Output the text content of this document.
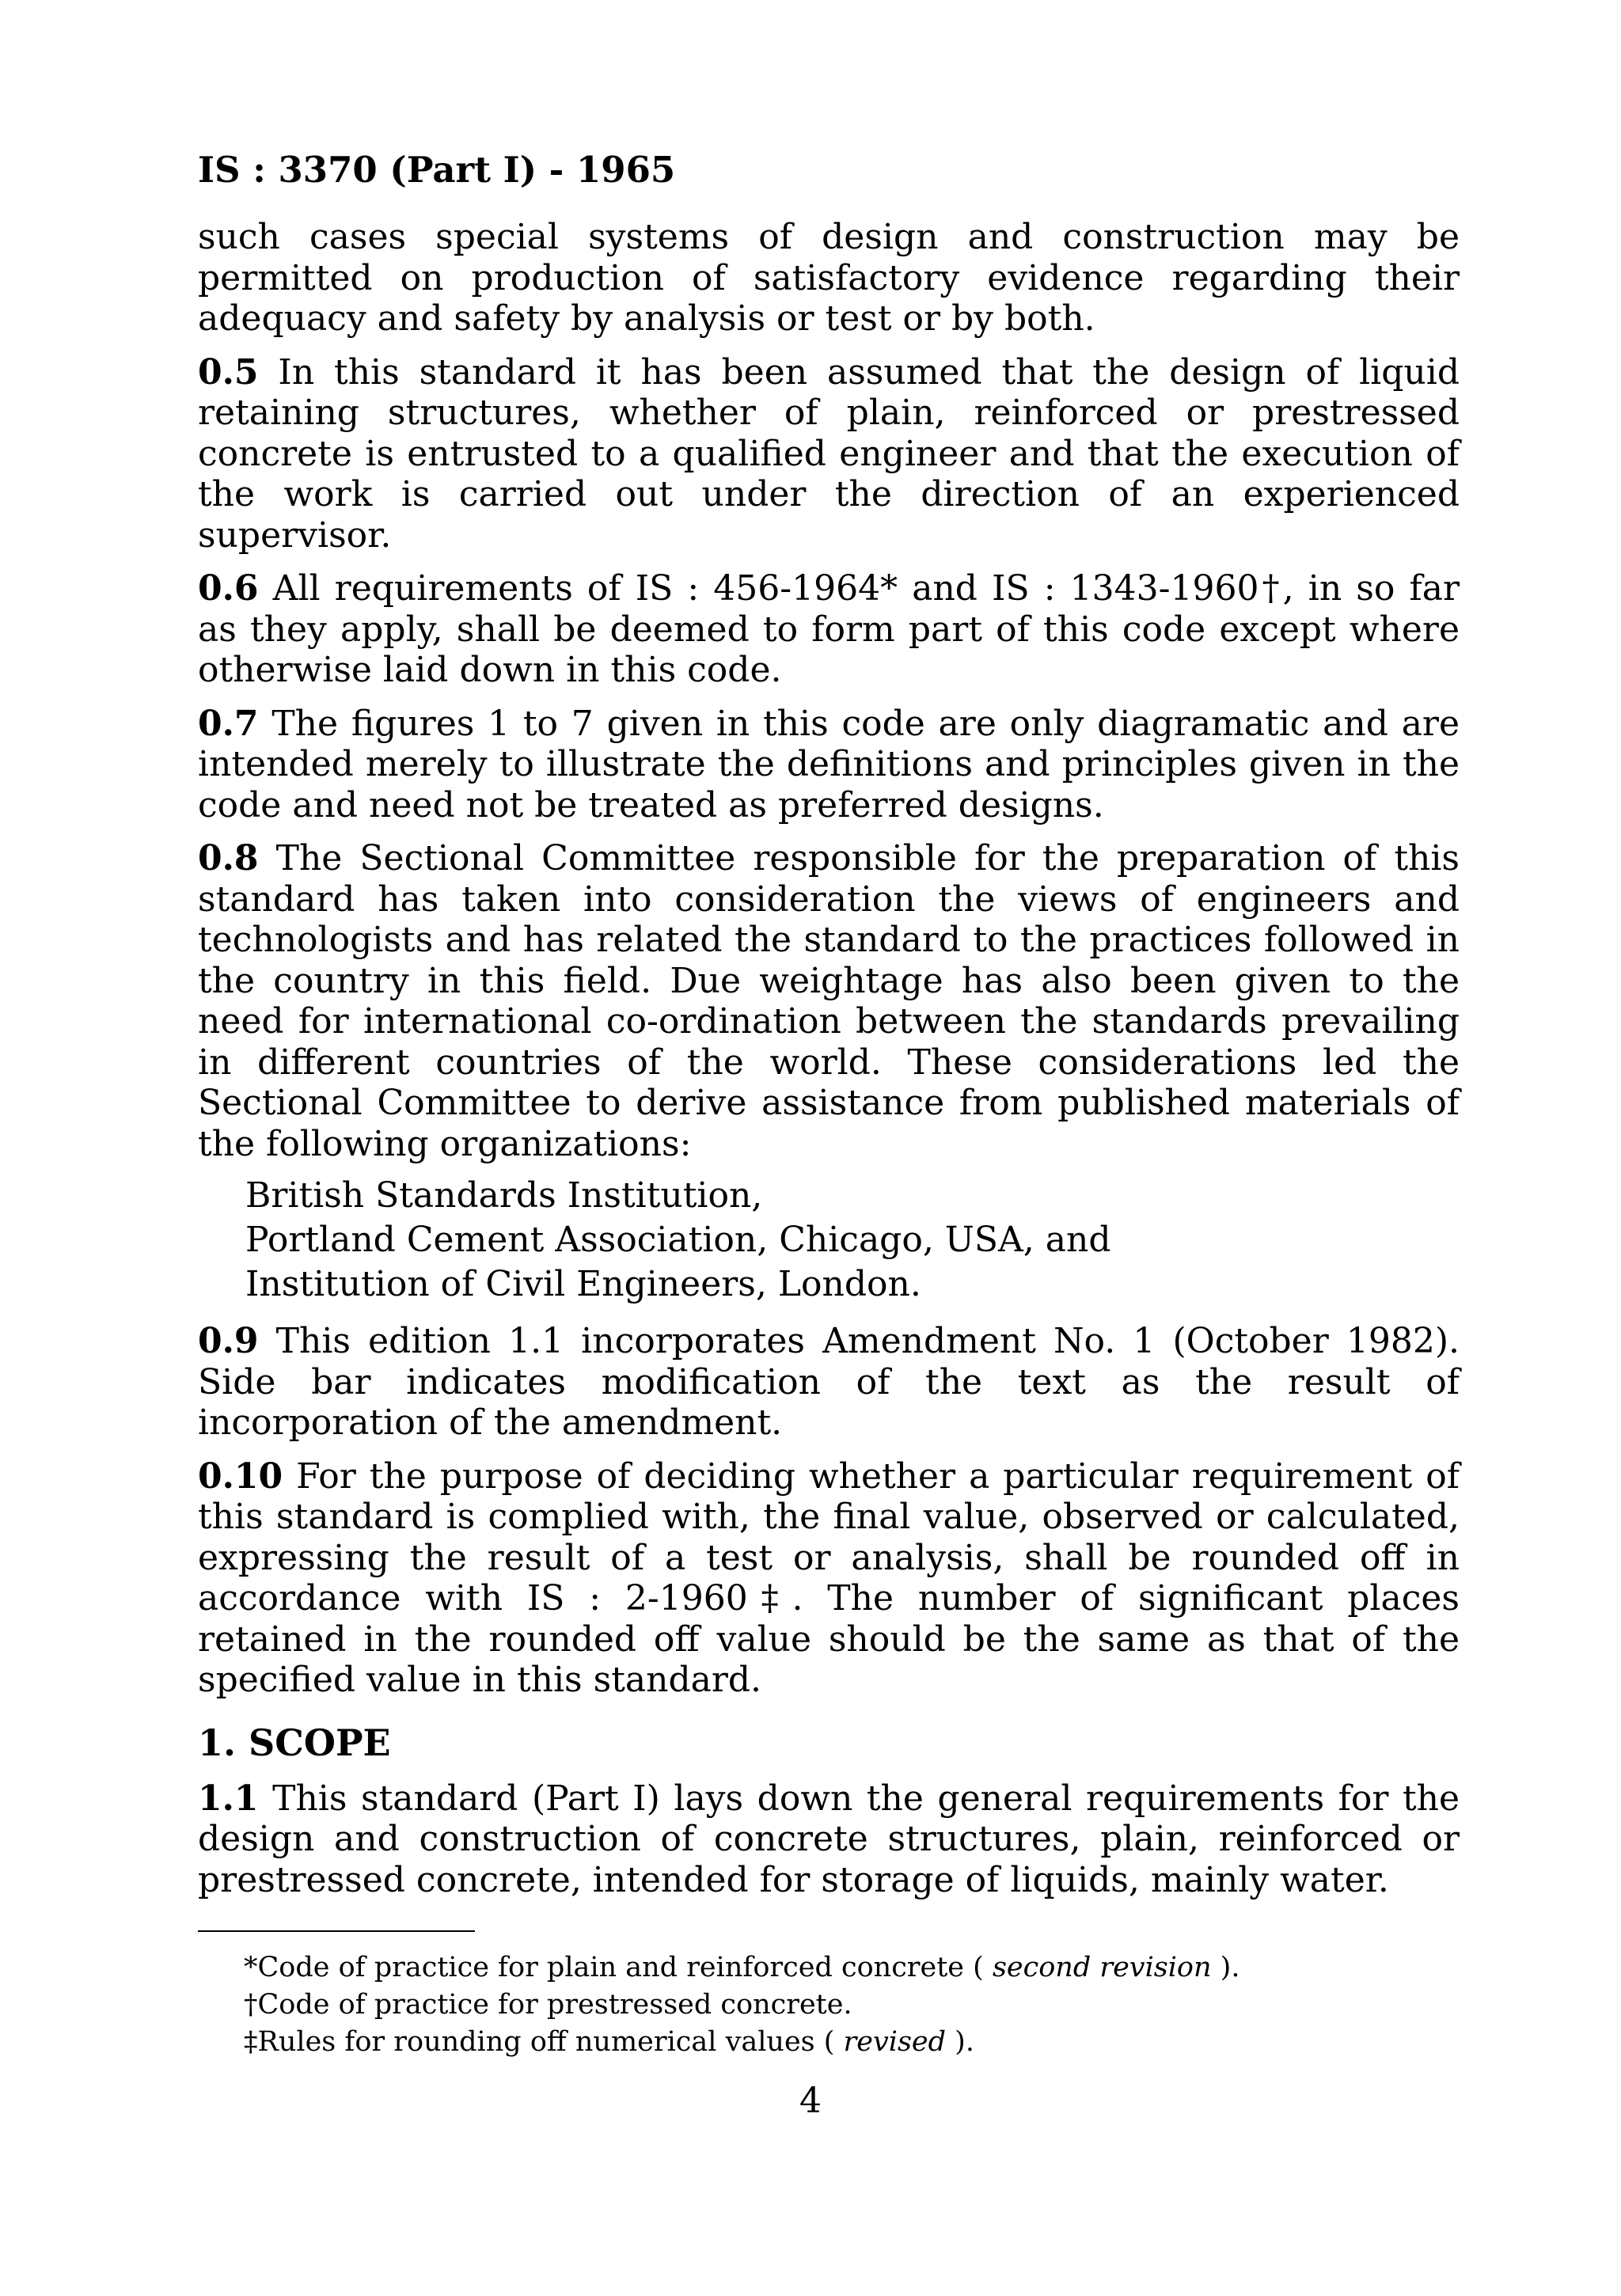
IS : 3370 (Part I) - 1965
such cases special systems of design and construction may be permitted on production of satisfactory evidence regarding their adequacy and safety by analysis or test or by both.
0.5 In this standard it has been assumed that the design of liquid retaining structures, whether of plain, reinforced or prestressed concrete is entrusted to a qualified engineer and that the execution of the work is carried out under the direction of an experienced supervisor.
0.6 All requirements of IS : 456-1964* and IS : 1343-1960†, in so far as they apply, shall be deemed to form part of this code except where otherwise laid down in this code.
0.7 The figures 1 to 7 given in this code are only diagramatic and are intended merely to illustrate the definitions and principles given in the code and need not be treated as preferred designs.
0.8 The Sectional Committee responsible for the preparation of this standard has taken into consideration the views of engineers and technologists and has related the standard to the practices followed in the country in this field. Due weightage has also been given to the need for international co-ordination between the standards prevailing in different countries of the world. These considerations led the Sectional Committee to derive assistance from published materials of the following organizations:
British Standards Institution,
Portland Cement Association, Chicago, USA, and
Institution of Civil Engineers, London.
0.9 This edition 1.1 incorporates Amendment No. 1 (October 1982). Side bar indicates modification of the text as the result of incorporation of the amendment.
0.10 For the purpose of deciding whether a particular requirement of this standard is complied with, the final value, observed or calculated, expressing the result of a test or analysis, shall be rounded off in accordance with IS : 2-1960‡. The number of significant places retained in the rounded off value should be the same as that of the specified value in this standard.
1. SCOPE
1.1 This standard (Part I) lays down the general requirements for the design and construction of concrete structures, plain, reinforced or prestressed concrete, intended for storage of liquids, mainly water.
*Code of practice for plain and reinforced concrete ( second revision ).
†Code of practice for prestressed concrete.
‡Rules for rounding off numerical values ( revised ).
4
